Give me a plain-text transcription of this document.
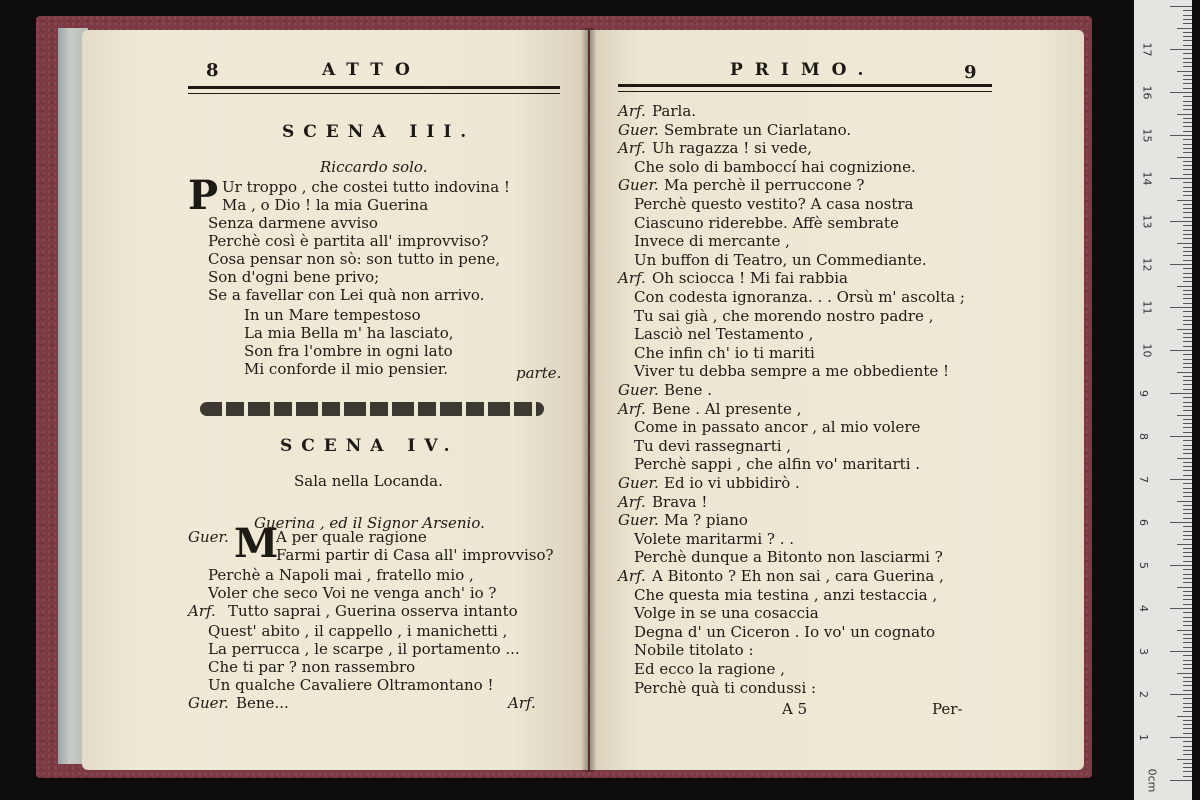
8	ATTO
SCENA III.
Riccardo solo.
P Ur troppo , che costei tutto indovina !
Ma , o Dio ! la mia Guerina
Senza darmene avviso
Perchè così è partita all' improvviso?
Cosa pensar non sò: son tutto in pene,
Son d'ogni bene privo;
Se a favellar con Lei quà non arrivo.
In un Mare tempestoso
La mia Bella m' ha lasciato,
Son fra l'ombre in ogni lato
Mi conforde il mio pensier.	parte.
SCENA IV.
Sala nella Locanda.
Guerina , ed il Signor Arsenio.
Guer. M
A per quale ragione
Farmi partir di Casa all' improvviso?
Perchè a Napoli mai , fratello mio ,
Voler che seco Voi ne venga anch' io ?
Arf. Tutto saprai , Guerina osserva intanto
Quest' abito , il cappello , i manichetti ,
La perrucca , le scarpe , il portamento ...
Che ti par ? non rassembro
Un qualche Cavaliere Oltramontano !
Guer. Bene...	Arf.
PRIMO.	9
Arf. Parla.
Guer. Sembrate un Ciarlatano.
Arf. Uh ragazza ! si vede,
Che solo di bamboccí hai cognizione.
Guer. Ma perchè il perruccone ?
Perchè questo vestito? A casa nostra
Ciascuno riderebbe. Affè sembrate
Invece di mercante ,
Un buffon di Teatro, un Commediante.
Arf. Oh sciocca ! Mi fai rabbia
Con codesta ignoranza. . . Orsù m' ascolta ;
Tu sai già , che morendo nostro padre ,
Lasciò nel Testamento ,
Che infin ch' io ti mariti
Viver tu debba sempre a me obbediente !
Guer. Bene .
Arf. Bene . Al presente ,
Come in passato ancor , al mio volere
Tu devi rassegnarti ,
Perchè sappi , che alfin vo' maritarti .
Guer. Ed io vi ubbidirò .
Arf. Brava !
Guer. Ma ? piano
Volete maritarmi ? . .
Perchè dunque a Bitonto non lasciarmi ?
Arf. A Bitonto ? Eh non sai , cara Guerina ,
Che questa mia testina , anzi testaccia ,
Volge in se una cosaccia
Degna d' un Ciceron . Io vo' un cognato
Nobile titolato :
Ed ecco la ragione ,
Perchè quà ti condussi :
A 5	Per-
0cm
1
2
3
4
5
6
7
8
9
10
11
12
13
14
15
16
17
